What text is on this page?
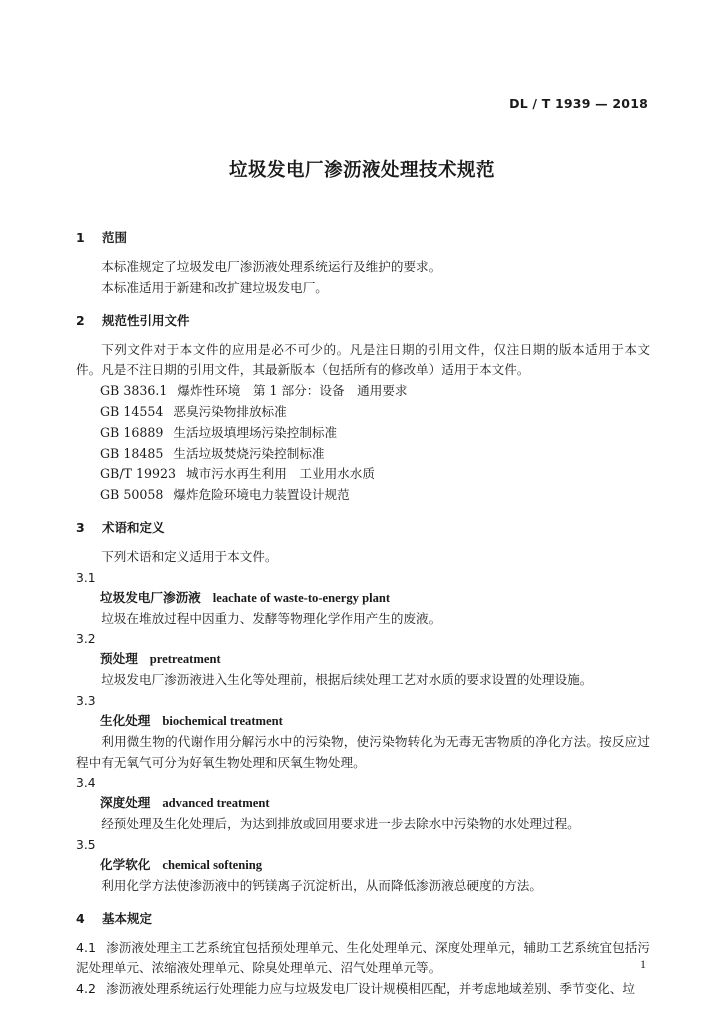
DL / T 1939 — 2018
垃圾发电厂渗沥液处理技术规范
1 范围

本标准规定了垃圾发电厂渗沥液处理系统运行及维护的要求。

本标准适用于新建和改扩建垃圾发电厂。

2 规范性引用文件

下列文件对于本文件的应用是必不可少的。凡是注日期的引用文件，仅注日期的版本适用于本文件。凡是不注日期的引用文件，其最新版本（包括所有的修改单）适用于本文件。

GB 3836.1 爆炸性环境　第 1 部分：设备　通用要求
GB 14554 恶臭污染物排放标准
GB 16889 生活垃圾填埋场污染控制标准
GB 18485 生活垃圾焚烧污染控制标准
GB/T 19923 城市污水再生利用　工业用水水质
GB 50058 爆炸危险环境电力装置设计规范
3 术语和定义

下列术语和定义适用于本文件。

3.1
垃圾发电厂渗沥液 leachate of waste-to-energy plant

垃圾在堆放过程中因重力、发酵等物理化学作用产生的废液。

3.2
预处理 pretreatment

垃圾发电厂渗沥液进入生化等处理前，根据后续处理工艺对水质的要求设置的处理设施。

3.3
生化处理 biochemical treatment

利用微生物的代谢作用分解污水中的污染物，使污染物转化为无毒无害物质的净化方法。按反应过程中有无氧气可分为好氧生物处理和厌氧生物处理。

3.4
深度处理 advanced treatment

经预处理及生化处理后，为达到排放或回用要求进一步去除水中污染物的水处理过程。

3.5
化学软化 chemical softening

利用化学方法使渗沥液中的钙镁离子沉淀析出，从而降低渗沥液总硬度的方法。

4 基本规定

4.1 渗沥液处理主工艺系统宜包括预处理单元、生化处理单元、深度处理单元，辅助工艺系统宜包括污泥处理单元、浓缩液处理单元、除臭处理单元、沼气处理单元等。

4.2 渗沥液处理系统运行处理能力应与垃圾发电厂设计规模相匹配，并考虑地域差别、季节变化、垃

1
